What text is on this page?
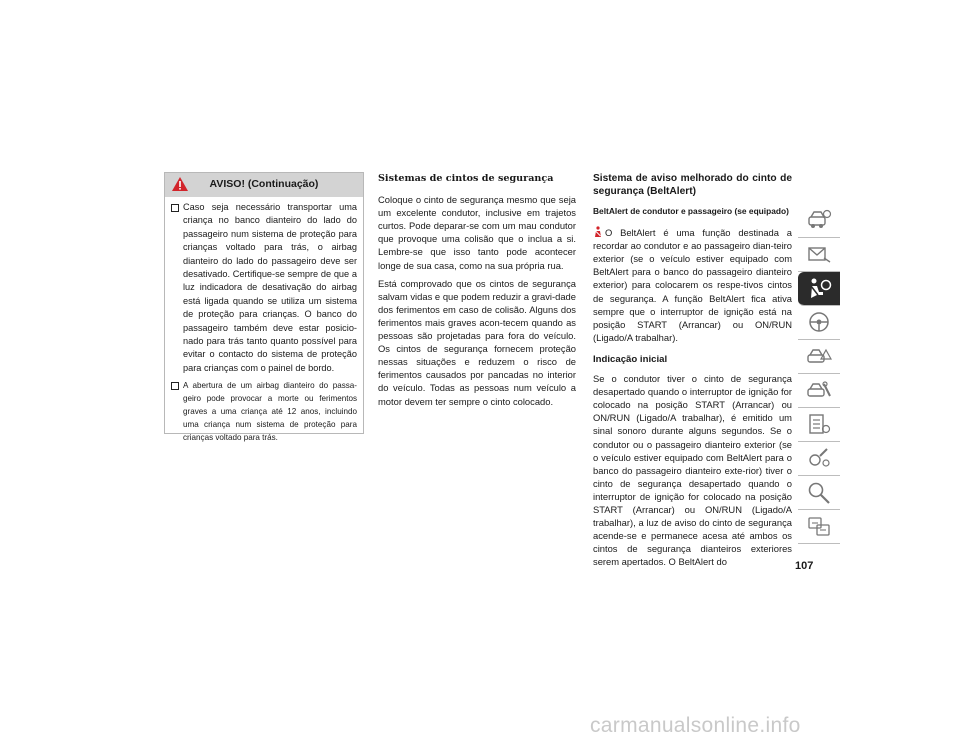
AVISO! (Continuação)
Caso seja necessário transportar uma criança no banco dianteiro do lado do passageiro num sistema de proteção para crianças voltado para trás, o airbag dianteiro do lado do passageiro deve ser desativado. Certifique-se sempre de que a luz indicadora de desativação do airbag está ligada quando se utiliza um sistema de proteção para crianças. O banco do passageiro também deve estar posicio-nado para trás tanto quanto possível para evitar o contacto do sistema de proteção para crianças com o painel de bordo.
A abertura de um airbag dianteiro do passa-geiro pode provocar a morte ou ferimentos graves a uma criança até 12 anos, incluindo uma criança num sistema de proteção para crianças voltado para trás.
Sistemas de cintos de segurança

Coloque o cinto de segurança mesmo que seja um excelente condutor, inclusive em trajetos curtos. Pode deparar-se com um mau condutor que provoque uma colisão que o inclua a si. Lembre-se que isso tanto pode acontecer longe de sua casa, como na sua própria rua.

Está comprovado que os cintos de segurança salvam vidas e que podem reduzir a gravi-dade dos ferimentos em caso de colisão. Alguns dos ferimentos mais graves acon-tecem quando as pessoas são projetadas para fora do veículo. Os cintos de segurança fornecem proteção nessas situações e reduzem o risco de ferimentos causados por pancadas no interior do veículo. Todas as pessoas num veículo a motor devem ter sempre o cinto colocado.

Sistema de aviso melhorado do cinto de segurança (BeltAlert)
BeltAlert de condutor e passageiro (se equipado)

O BeltAlert é uma função destinada a recordar ao condutor e ao passageiro dian-teiro exterior (se o veículo estiver equipado com BeltAlert para o banco do passageiro dianteiro exterior) para colocarem os respe-tivos cintos de segurança. A função BeltAlert fica ativa sempre que o interruptor de ignição está na posição START (Arrancar) ou ON/RUN (Ligado/A trabalhar).

Indicação inicial

Se o condutor tiver o cinto de segurança desapertado quando o interruptor de ignição for colocado na posição START (Arrancar) ou ON/RUN (Ligado/A trabalhar), é emitido um sinal sonoro durante alguns segundos. Se o condutor ou o passageiro dianteiro exterior (se o veículo estiver equipado com BeltAlert para o banco do passageiro dianteiro exte-rior) tiver o cinto de segurança desapertado quando o interruptor de ignição for colocado na posição START (Arrancar) ou ON/RUN (Ligado/A trabalhar), a luz de aviso do cinto de segurança acende-se e permanece acesa até ambos os cintos de segurança dianteiros exteriores serem apertados. O BeltAlert do	107
carmanualsonline.info
